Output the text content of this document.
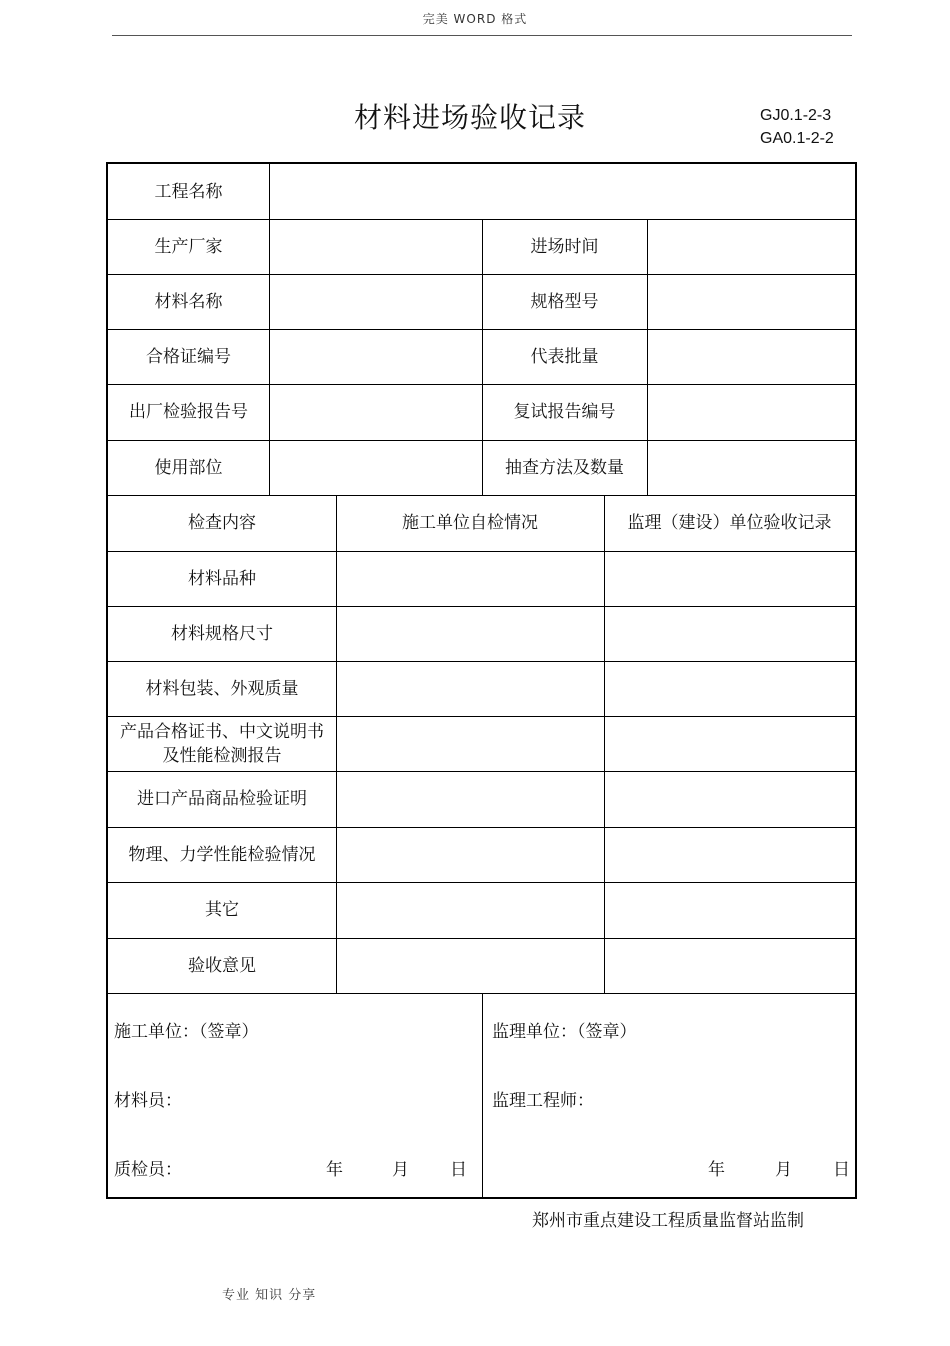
完美 WORD 格式
材料进场验收记录	GJ0.1-2-3
GA0.1-2-2
工程名称
生产厂家	进场时间
材料名称	规格型号
合格证编号	代表批量
出厂检验报告号	复试报告编号
使用部位	抽查方法及数量
检查内容	施工单位自检情况	监理（建设）单位验收记录
材料品种
材料规格尺寸
材料包装、外观质量
产品合格证书、中文说明书及性能检测报告
进口产品商品检验证明
物理、力学性能检验情况
其它
验收意见
施工单位：（签章）
材料员：
质检员：	年	月 日
监理单位：（签章）
监理工程师：
年	月 日
郑州市重点建设工程质量监督站监制
专业 知识 分享
